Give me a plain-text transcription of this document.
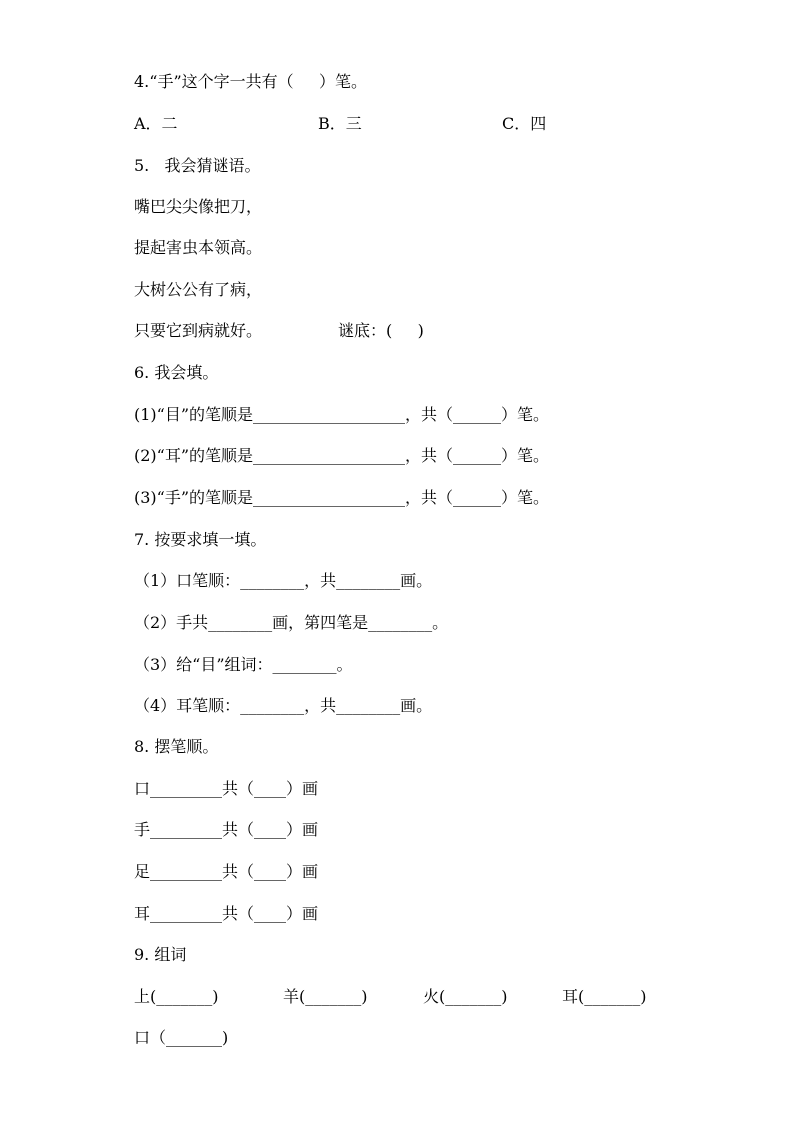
4.“手”这个字一共有（     ）笔。
A．二	B．三	C．四
5.   我会猜谜语。
嘴巴尖尖像把刀，
提起害虫本领高。
大树公公有了病，
只要它到病就好。	谜底：(     )
6. 我会填。
(1)“目”的笔顺是___________________，共（______）笔。
(2)“耳”的笔顺是___________________，共（______）笔。
(3)“手”的笔顺是___________________，共（______）笔。
7. 按要求填一填。
（1）口笔顺：________，共________画。
（2）手共________画，第四笔是________。
（3）给“目”组词：________。
（4）耳笔顺：________，共________画。
8. 摆笔顺。
口_________共（____）画
手_________共（____）画
足_________共（____）画
耳_________共（____）画
9. 组词
上(_______)	羊(_______)	火(_______)	耳(_______)
口（_______)
